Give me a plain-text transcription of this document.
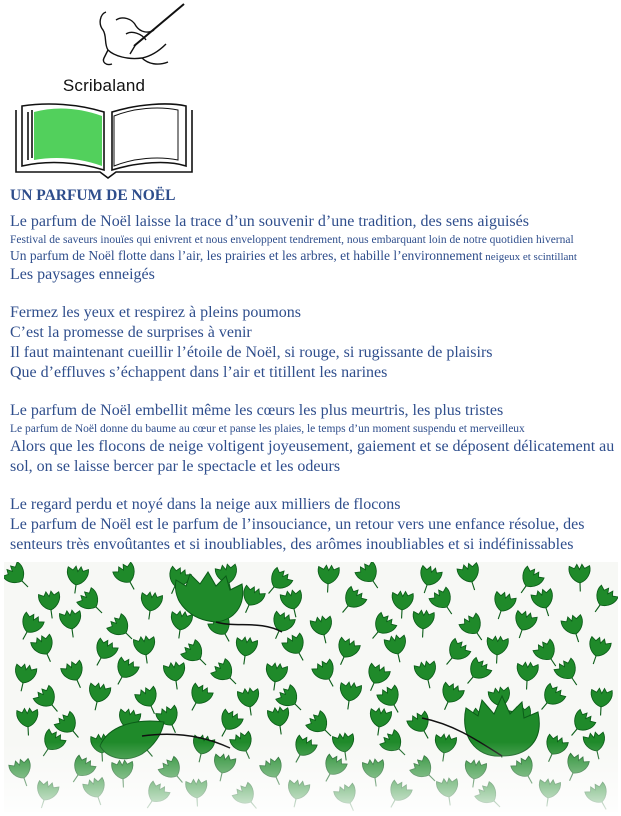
Scribaland
UN PARFUM DE NOËL
Le parfum de Noël laisse la trace d’un souvenir d’une tradition, des sens aiguisés
Festival de saveurs inouïes qui enivrent et nous enveloppent tendrement, nous embarquant loin de notre quotidien hivernal
Un parfum de Noël flotte dans l’air, les prairies et les arbres, et habille l’environnement neigeux et scintillant
Les paysages enneigés
Fermez les yeux et respirez à pleins poumons
C’est la promesse de surprises à venir
Il faut maintenant cueillir l’étoile de Noël, si rouge, si rugissante de plaisirs
Que d’effluves s’échappent dans l’air et titillent les narines
Le parfum de Noël embellit même les cœurs les plus meurtris, les plus tristes
Le parfum de Noël donne du baume au cœur et panse les plaies, le temps d’un moment suspendu et merveilleux
Alors que les flocons de neige voltigent joyeusement, gaiement et se déposent délicatement au sol, on se laisse bercer par le spectacle et les odeurs
Le regard perdu et noyé dans la neige aux milliers de flocons
Le parfum de Noël est le parfum de l’insouciance, un retour vers une enfance résolue, des senteurs très envoûtantes et si inoubliables, des arômes inoubliables et si indéfinissables
